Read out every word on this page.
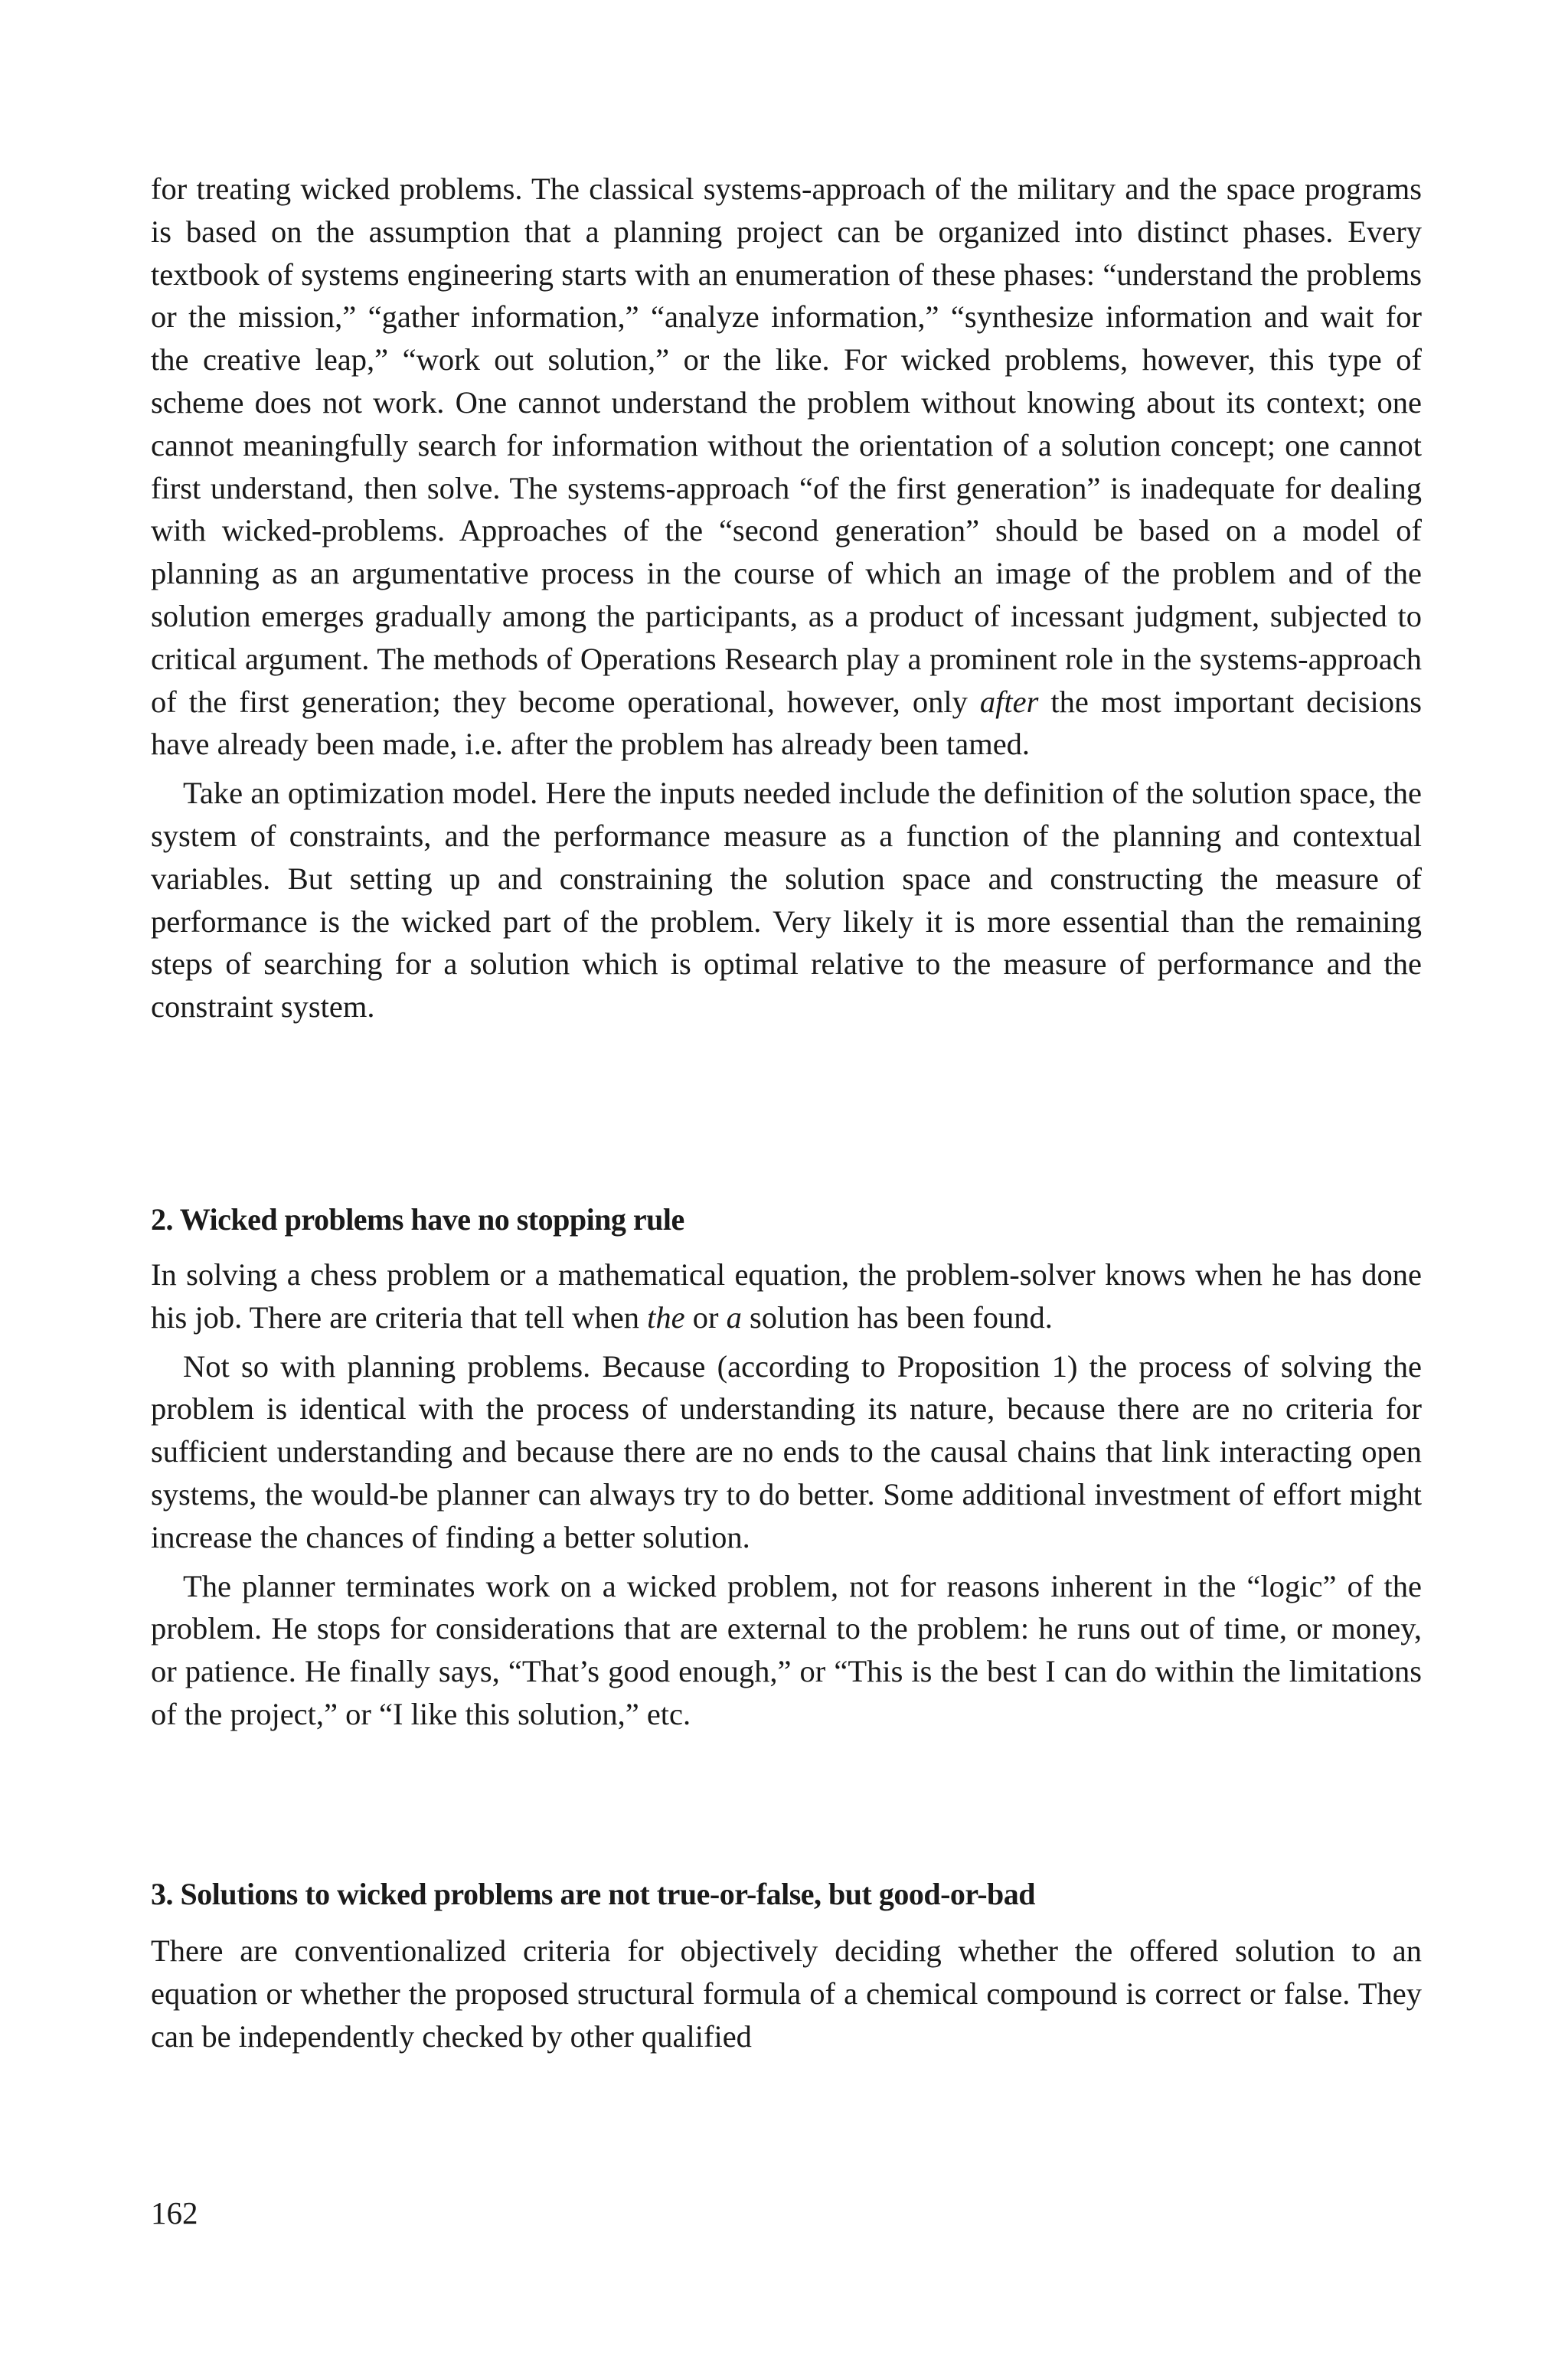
for treating wicked problems. The classical systems-approach of the military and the space programs is based on the assumption that a planning project can be organized into distinct phases. Every textbook of systems engineering starts with an enumeration of these phases: “understand the problems or the mission,” “gather information,” “analyze information,” “synthesize information and wait for the creative leap,” “work out solution,” or the like. For wicked problems, however, this type of scheme does not work. One cannot understand the problem without knowing about its context; one cannot meaningfully search for information without the orientation of a solution concept; one cannot first understand, then solve. The systems-approach “of the first generation” is inadequate for dealing with wicked-problems. Approaches of the “second generation” should be based on a model of planning as an argumentative process in the course of which an image of the problem and of the solution emerges gradually among the participants, as a product of incessant judgment, subjected to critical argument. The methods of Operations Research play a prominent role in the systems-approach of the first generation; they become operational, however, only after the most important decisions have already been made, i.e. after the problem has already been tamed.

Take an optimization model. Here the inputs needed include the definition of the solution space, the system of constraints, and the performance measure as a function of the planning and contextual variables. But setting up and constraining the solution space and constructing the measure of performance is the wicked part of the problem. Very likely it is more essential than the remaining steps of searching for a solution which is optimal relative to the measure of performance and the constraint system.

2. Wicked problems have no stopping rule

In solving a chess problem or a mathematical equation, the problem-solver knows when he has done his job. There are criteria that tell when the or a solution has been found.

Not so with planning problems. Because (according to Proposition 1) the process of solving the problem is identical with the process of understanding its nature, because there are no criteria for sufficient understanding and because there are no ends to the causal chains that link interacting open systems, the would-be planner can always try to do better. Some additional investment of effort might increase the chances of finding a better solution.

The planner terminates work on a wicked problem, not for reasons inherent in the “logic” of the problem. He stops for considerations that are external to the problem: he runs out of time, or money, or patience. He finally says, “That’s good enough,” or “This is the best I can do within the limitations of the project,” or “I like this solution,” etc.

3. Solutions to wicked problems are not true-or-false, but good-or-bad

There are conventionalized criteria for objectively deciding whether the offered solution to an equation or whether the proposed structural formula of a chemical compound is correct or false. They can be independently checked by other qualified

162
